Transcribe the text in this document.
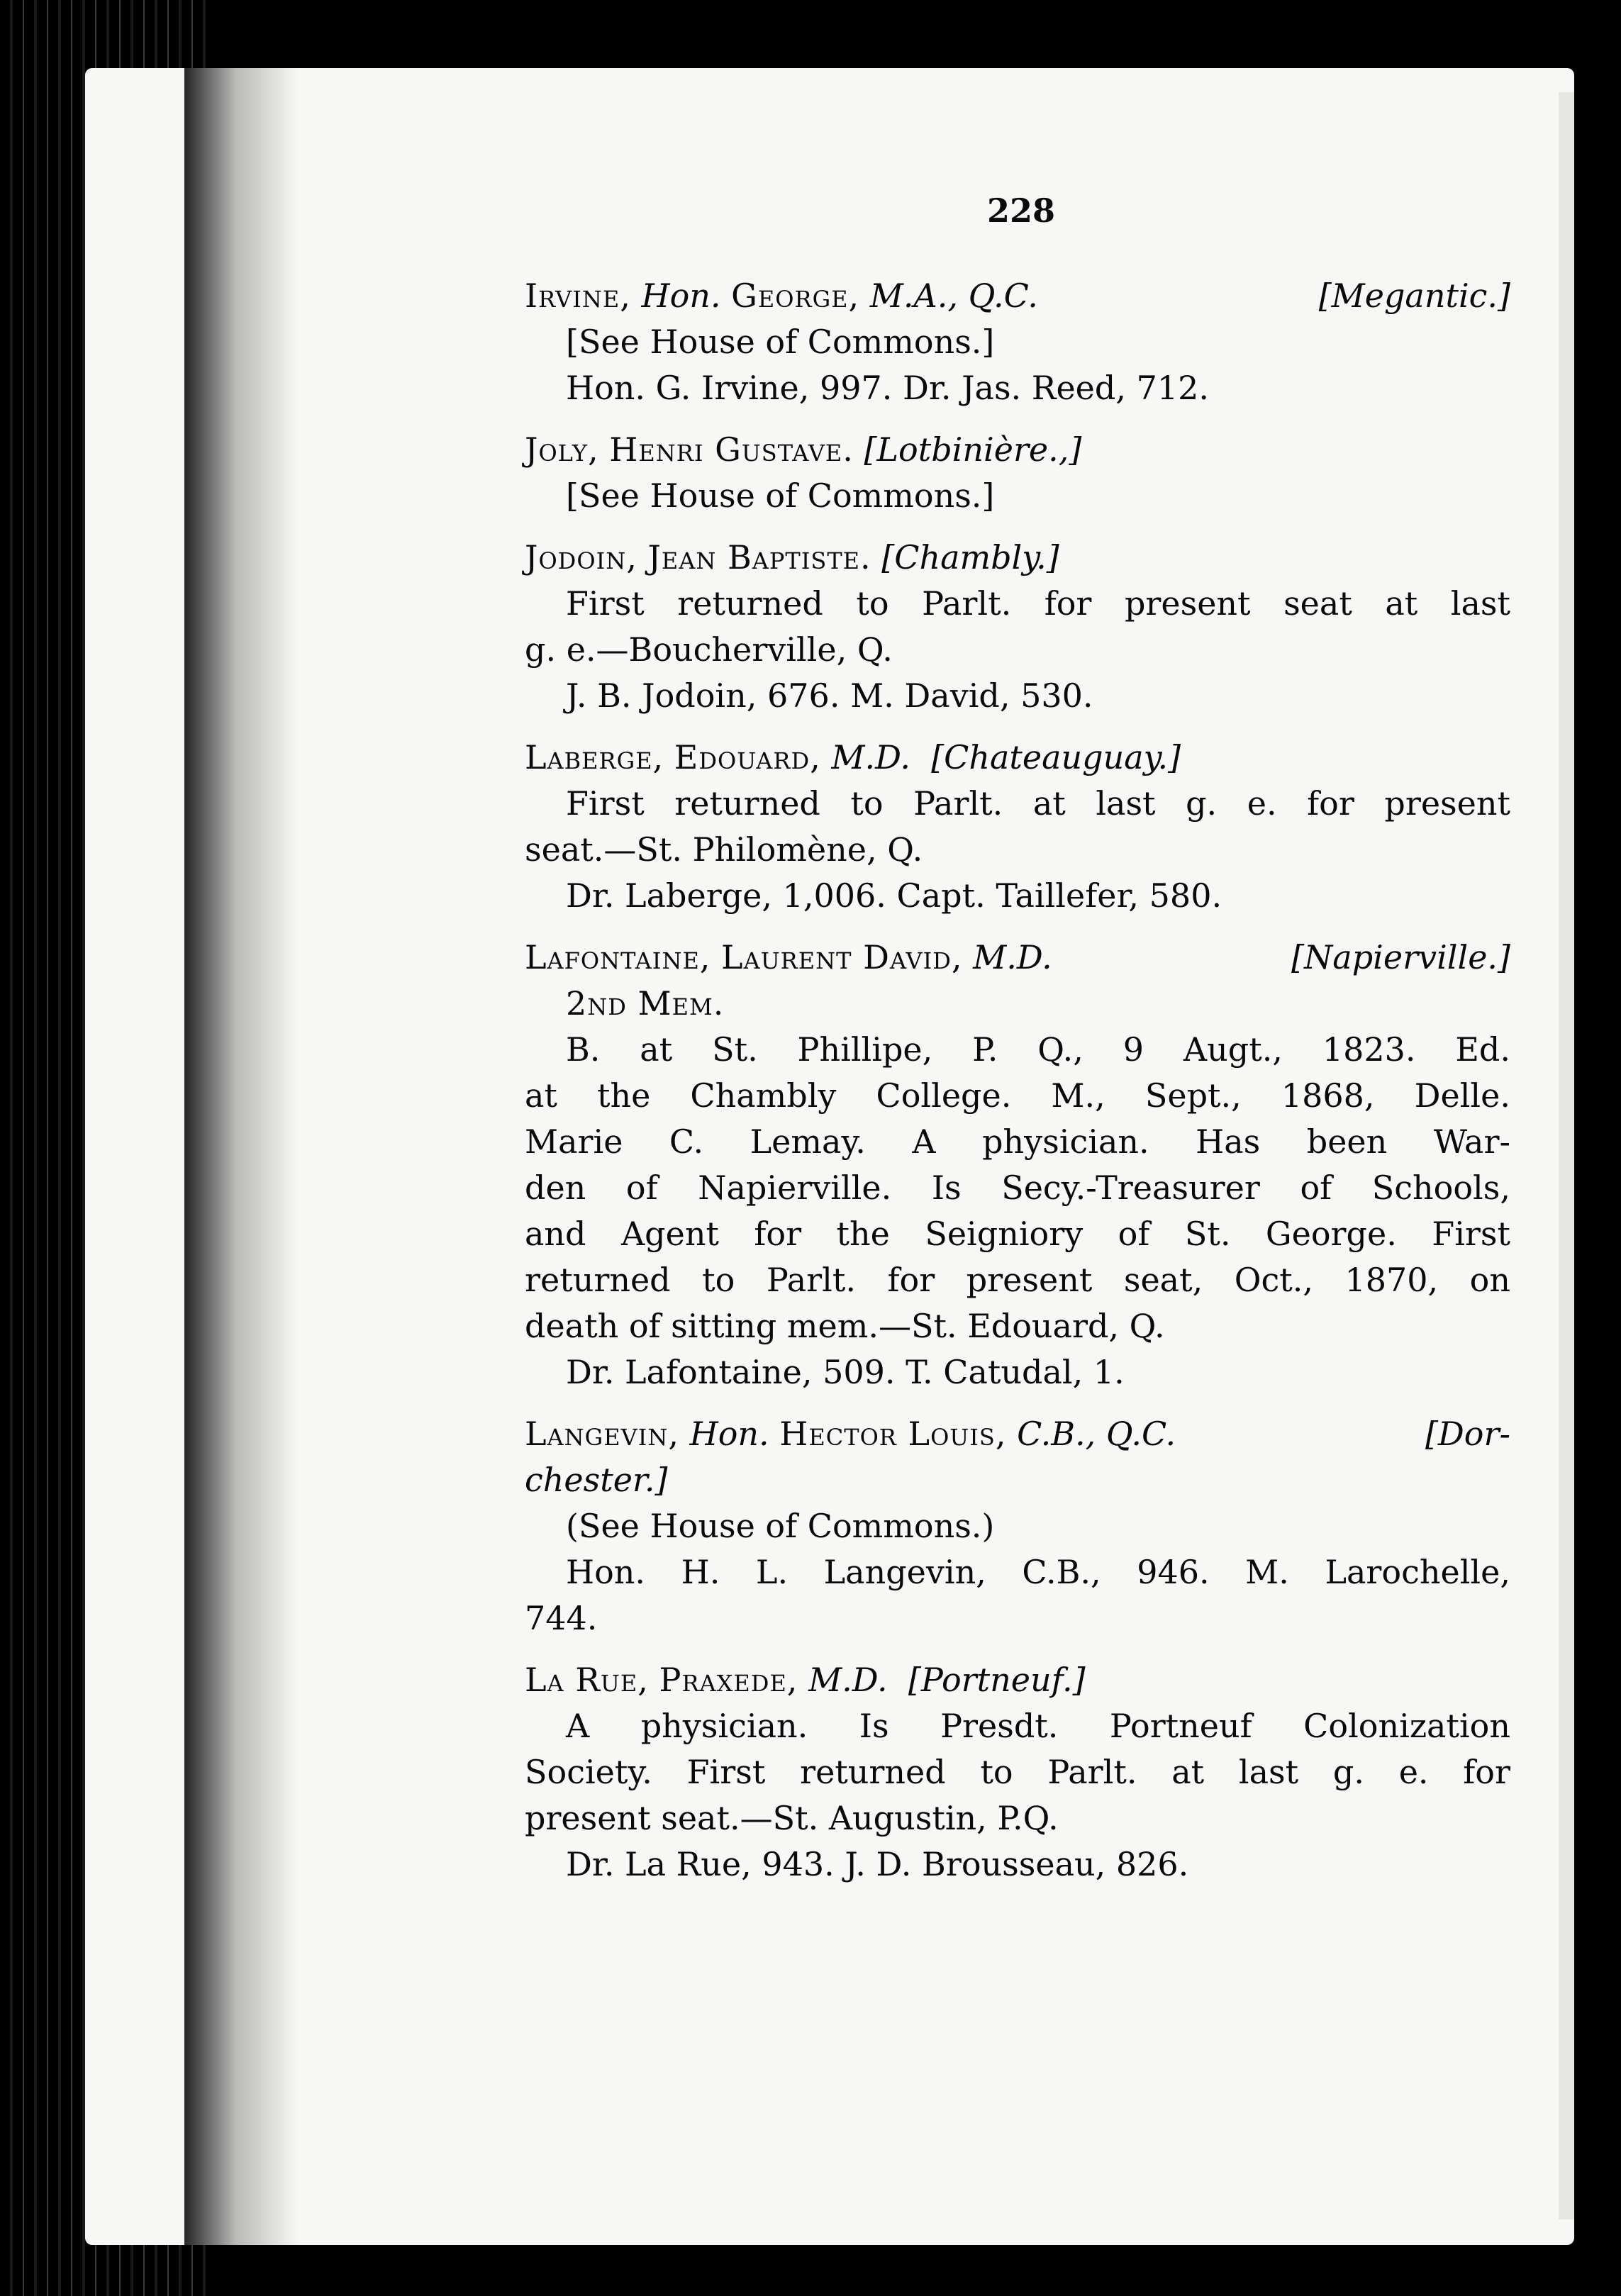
228
Irvine, Hon. George, M.A., Q.C.	[Megantic.]
[See House of Commons.]
Hon. G. Irvine, 997. Dr. Jas. Reed, 712.
Joly, Henri Gustave. [Lotbinière.,]
[See House of Commons.]
Jodoin, Jean Baptiste. [Chambly.]
First returned to Parlt. for present seat at last
g. e.—Boucherville, Q.
J. B. Jodoin, 676. M. David, 530.
Laberge, Edouard, M.D. [Chateauguay.]
First returned to Parlt. at last g. e. for present
seat.—St. Philomène, Q.
Dr. Laberge, 1,006. Capt. Taillefer, 580.
Lafontaine, Laurent David, M.D.	[Napierville.]
2nd Mem.
B. at St. Phillipe, P. Q., 9 Augt., 1823. Ed.
at the Chambly College. M., Sept., 1868, Delle.
Marie C. Lemay. A physician. Has been War-
den of Napierville. Is Secy.-Treasurer of Schools,
and Agent for the Seigniory of St. George. First
returned to Parlt. for present seat, Oct., 1870, on
death of sitting mem.—St. Edouard, Q.
Dr. Lafontaine, 509. T. Catudal, 1.
Langevin, Hon. Hector Louis, C.B., Q.C.	[Dor-
chester.]
(See House of Commons.)
Hon. H. L. Langevin, C.B., 946. M. Larochelle,
744.
La Rue, Praxede, M.D. [Portneuf.]
A physician. Is Presdt. Portneuf Colonization
Society. First returned to Parlt. at last g. e. for
present seat.—St. Augustin, P.Q.
Dr. La Rue, 943. J. D. Brousseau, 826.
